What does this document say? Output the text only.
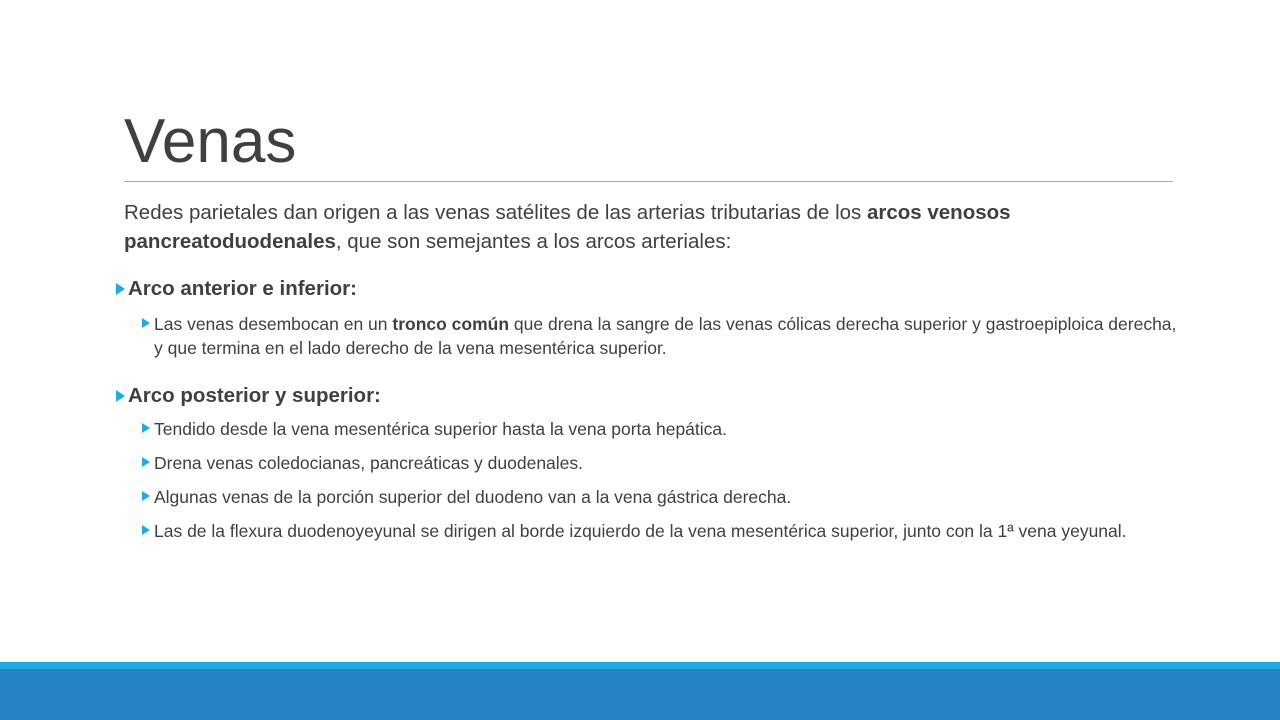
Venas

Redes parietales dan origen a las venas satélites de las arterias tributarias de los arcos venosos pancreatoduodenales, que son semejantes a los arcos arteriales:

Arco anterior e inferior:
Las venas desembocan en un tronco común que drena la sangre de las venas cólicas derecha superior y gastroepiploica derecha, y que termina en el lado derecho de la vena mesentérica superior.
Arco posterior y superior:
Tendido desde la vena mesentérica superior hasta la vena porta hepática.
Drena venas coledocianas, pancreáticas y duodenales.
Algunas venas de la porción superior del duodeno van a la vena gástrica derecha.
Las de la flexura duodenoyeyunal se dirigen al borde izquierdo de la vena mesentérica superior, junto con la 1ª vena yeyunal.
